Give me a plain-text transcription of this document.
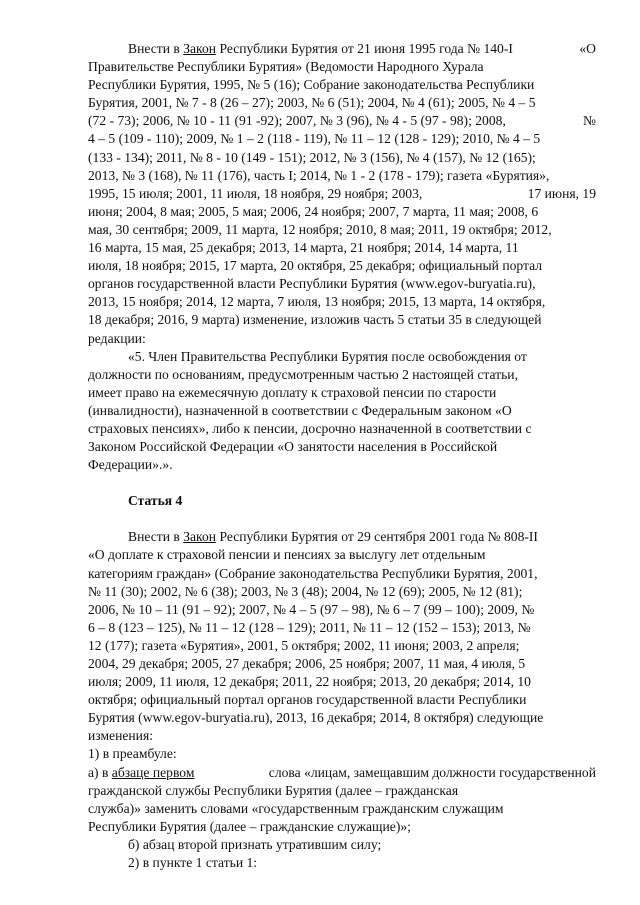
Внести в Закон Республики Бурятия от 21 июня 1995 года № 140-I	«О
Правительстве Республики Бурятия» (Ведомости Народного Хурала
Республики Бурятия, 1995, № 5 (16); Собрание законодательства Республики
Бурятия, 2001, № 7 - 8 (26 – 27); 2003, № 6 (51); 2004, № 4 (61); 2005, № 4 – 5
(72 - 73); 2006, № 10 - 11 (91 -92); 2007, № 3 (96), № 4 - 5 (97 - 98); 2008,	№
4 – 5 (109 - 110); 2009, № 1 – 2 (118 - 119), № 11 – 12 (128 - 129); 2010, № 4 – 5
(133 - 134); 2011, № 8 - 10 (149 - 151); 2012, № 3 (156), № 4 (157), № 12 (165);
2013, № 3 (168), № 11 (176), часть I; 2014, № 1 - 2 (178 - 179); газета «Бурятия»,
1995, 15 июля; 2001, 11 июля, 18 ноября, 29 ноября; 2003,	17 июня, 19
июня; 2004, 8 мая; 2005, 5 мая; 2006, 24 ноября; 2007, 7 марта, 11 мая; 2008, 6
мая, 30 сентября; 2009, 11 марта, 12 ноября; 2010, 8 мая; 2011, 19 октября; 2012,
16 марта, 15 мая, 25 декабря; 2013, 14 марта, 21 ноября; 2014, 14 марта, 11
июля, 18 ноября; 2015, 17 марта, 20 октября, 25 декабря; официальный портал
органов государственной власти Республики Бурятия (www.egov-buryatia.ru),
2013, 15 ноября; 2014, 12 марта, 7 июля, 13 ноября; 2015, 13 марта, 14 октября,
18 декабря; 2016, 9 марта) изменение, изложив часть 5 статьи 35 в следующей
редакции:
«5. Член Правительства Республики Бурятия после освобождения от
должности по основаниям, предусмотренным частью 2 настоящей статьи,
имеет право на ежемесячную доплату к страховой пенсии по старости
(инвалидности), назначенной в соответствии с Федеральным законом «О
страховых пенсиях», либо к пенсии, досрочно назначенной в соответствии с
Законом Российской Федерации «О занятости населения в Российской
Федерации».».
Статья 4
Внести в Закон Республики Бурятия от 29 сентября 2001 года № 808-II
«О доплате к страховой пенсии и пенсиях за выслугу лет отдельным
категориям граждан» (Собрание законодательства Республики Бурятия, 2001,
№ 11 (30); 2002, № 6 (38); 2003, № 3 (48); 2004, № 12 (69); 2005, № 12 (81);
2006, № 10 – 11 (91 – 92); 2007, № 4 – 5 (97 – 98), № 6 – 7 (99 – 100); 2009, №
6 – 8 (123 – 125), № 11 – 12 (128 – 129); 2011, № 11 – 12 (152 – 153); 2013, №
12 (177); газета «Бурятия», 2001, 5 октября; 2002, 11 июня; 2003, 2 апреля;
2004, 29 декабря; 2005, 27 декабря; 2006, 25 ноября; 2007, 11 мая, 4 июля, 5
июля; 2009, 11 июля, 12 декабря; 2011, 22 ноября; 2013, 20 декабря; 2014, 10
октября; официальный портал органов государственной власти Республики
Бурятия (www.egov-buryatia.ru), 2013, 16 декабря; 2014, 8 октября) следующие
изменения:
1) в преамбуле:
а) в абзаце первом	слова «лицам, замещавшим должности государственной
гражданской службы Республики Бурятия (далее – гражданская
служба)» заменить словами «государственным гражданским служащим
Республики Бурятия (далее – гражданские служащие)»;
б) абзац второй признать утратившим силу;
2) в пункте 1 статьи 1:
